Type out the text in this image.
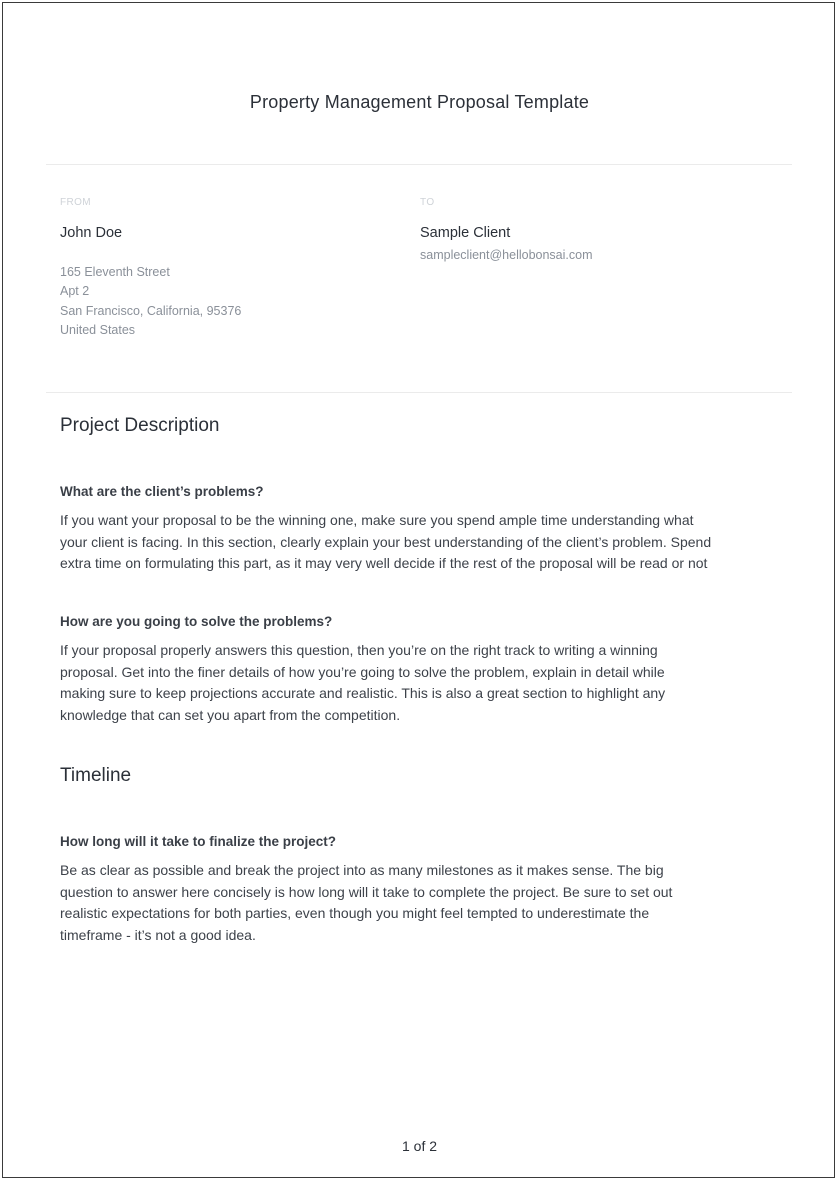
Property Management Proposal Template
FROM
John Doe
165 Eleventh Street
Apt 2
San Francisco, California, 95376
United States
TO
Sample Client
sampleclient@hellobonsai.com
Project Description
What are the client’s problems?
If you want your proposal to be the winning one, make sure you spend ample time understanding what
your client is facing. In this section, clearly explain your best understanding of the client’s problem. Spend
extra time on formulating this part, as it may very well decide if the rest of the proposal will be read or not
How are you going to solve the problems?
If your proposal properly answers this question, then you’re on the right track to writing a winning
proposal. Get into the finer details of how you’re going to solve the problem, explain in detail while
making sure to keep projections accurate and realistic. This is also a great section to highlight any
knowledge that can set you apart from the competition.
Timeline
How long will it take to finalize the project?
Be as clear as possible and break the project into as many milestones as it makes sense. The big
question to answer here concisely is how long will it take to complete the project. Be sure to set out
realistic expectations for both parties, even though you might feel tempted to underestimate the
timeframe - it’s not a good idea.
1 of 2
